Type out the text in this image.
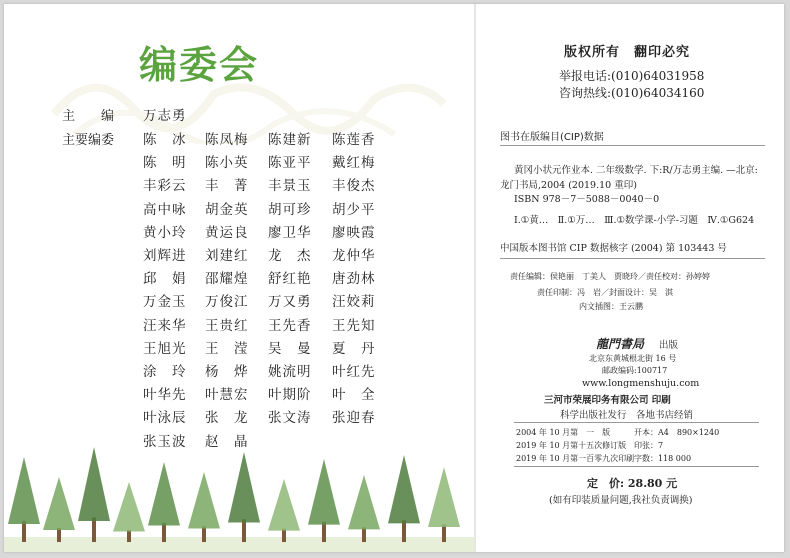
编委会
主　　编 万志勇
主要编委 陈　冰 陈凤梅 陈建新 陈莲香
陈　明 陈小英 陈亚平 戴红梅
丰彩云 丰　菁 丰景玉 丰俊杰
高中咏 胡金英 胡可珍 胡少平
黄小玲 黄运良 廖卫华 廖映霞
刘辉进 刘建红 龙　杰 龙仲华
邱　娟 邵耀煌 舒红艳 唐劲林
万金玉 万俊江 万又勇 汪姣莉
汪来华 王贵红 王先香 王先知
王旭光 王　滢 吴　曼 夏　丹
涂　玲 杨　烨 姚流明 叶红先
叶华先 叶慧宏 叶期阶 叶　全
叶泳辰 张　龙 张文涛 张迎春
张玉波 赵　晶
版权所有　翻印必究
举报电话:(010)64031958
咨询热线:(010)64034160
图书在版编目(CIP)数据
黄冈小状元作业本. 二年级数学. 下:R/万志勇主编. —北京:
龙门书局,2004 (2019.10 重印)
ISBN 978－7－5088－0040－0
Ⅰ.①黄…　Ⅱ.①万…　Ⅲ.①数学课-小学-习题　Ⅳ.①G624
中国版本图书馆 CIP 数据核字 (2004) 第 103443 号
责任编辑：侯艳丽　丁美人　贾晓玲／责任校对：孙婷婷
责任印制：冯　岩／封面设计：吴　淇
内文插图：王云鹏
龍門書局 出版
北京东黄城根北街 16 号
邮政编码:100717
www.longmenshuju.com
三河市荣展印务有限公司 印刷
科学出版社发行　各地书店经销
2004 年 10 月第　一　版	开本：A4　890×1240
2019 年 10 月第十五次修订版 印张：7
2019 年 10 月第一百零九次印刷 字数：118 000
定　价: 28.80 元
(如有印装质量问题,我社负责调换)
